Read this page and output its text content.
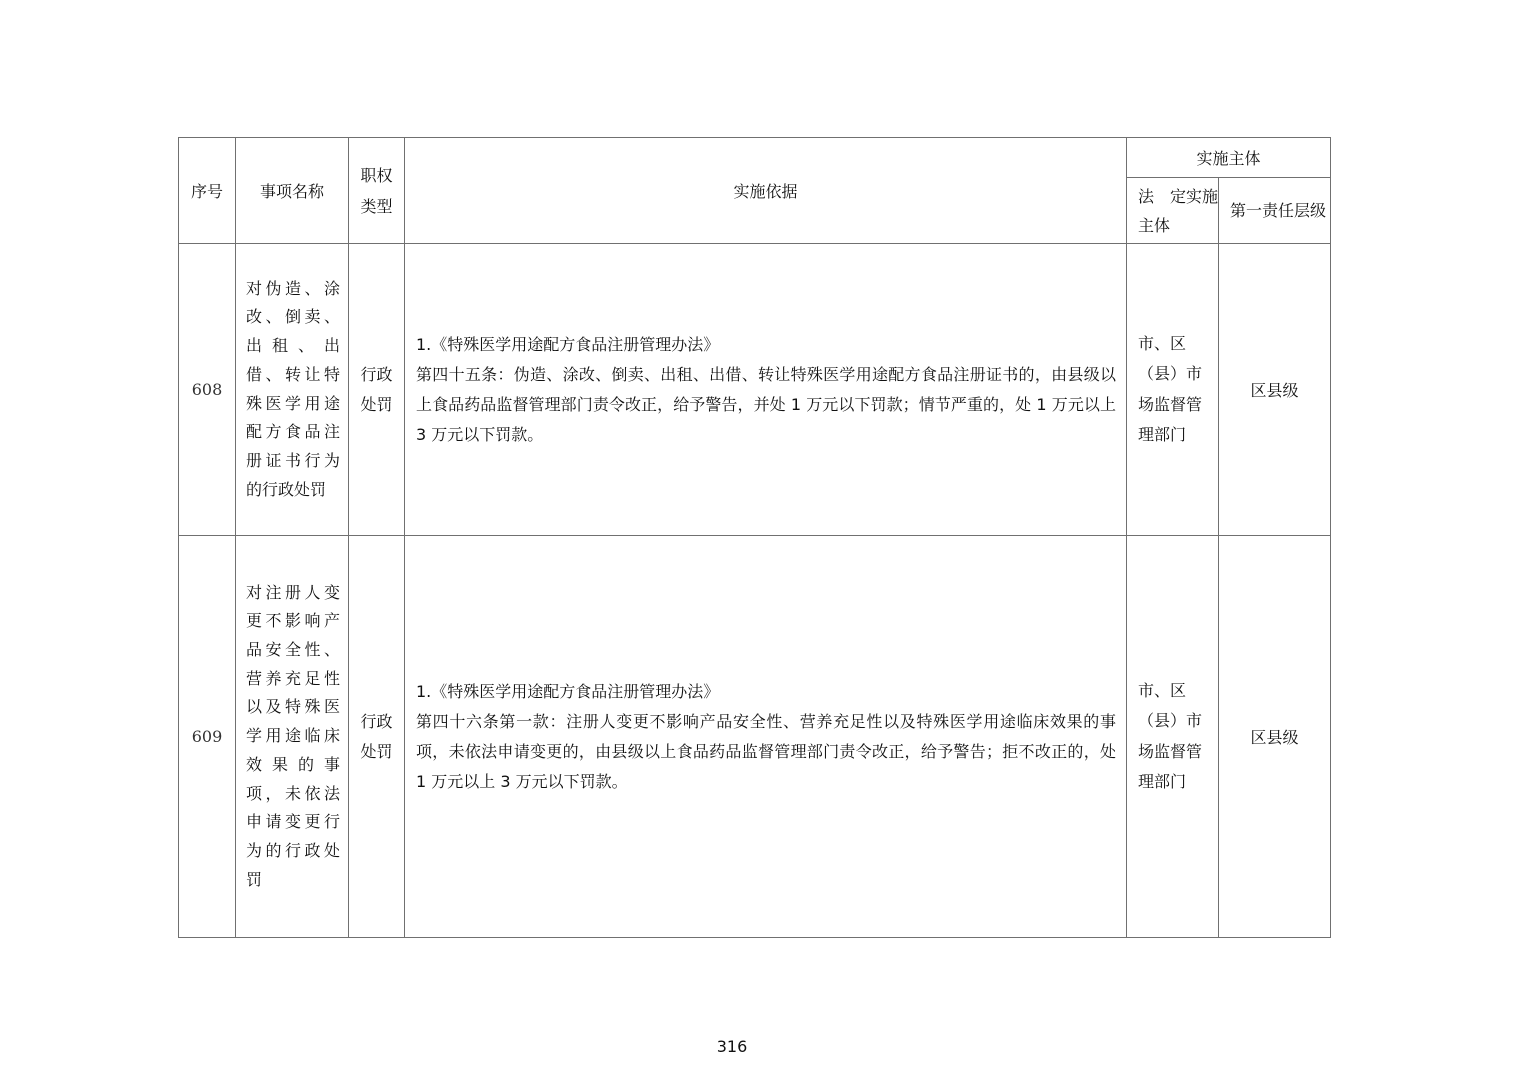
序号	事项名称	职权类型	实施依据	实施主体	
				法　定实施主体	第一责任层级
608	对伪造、涂改、倒卖、出租、出借、转让特殊医学用途配方食品注册证书行为的行政处罚	行政处罚	1.《特殊医学用途配方食品注册管理办法》
第四十五条：伪造、涂改、倒卖、出租、出借、转让特殊医学用途配方食品注册证书的，由县级以上食品药品监督管理部门责令改正，给予警告，并处 1 万元以下罚款；情节严重的，处 1 万元以上 3 万元以下罚款。	市、区（县）市场监督管理部门	区县级
609	对注册人变更不影响产品安全性、营养充足性以及特殊医学用途临床效果的事项，未依法申请变更行为的行政处罚	行政处罚	1.《特殊医学用途配方食品注册管理办法》
第四十六条第一款：注册人变更不影响产品安全性、营养充足性以及特殊医学用途临床效果的事项，未依法申请变更的，由县级以上食品药品监督管理部门责令改正，给予警告；拒不改正的，处 1 万元以上 3 万元以下罚款。	市、区（县）市场监督管理部门	区县级
316
